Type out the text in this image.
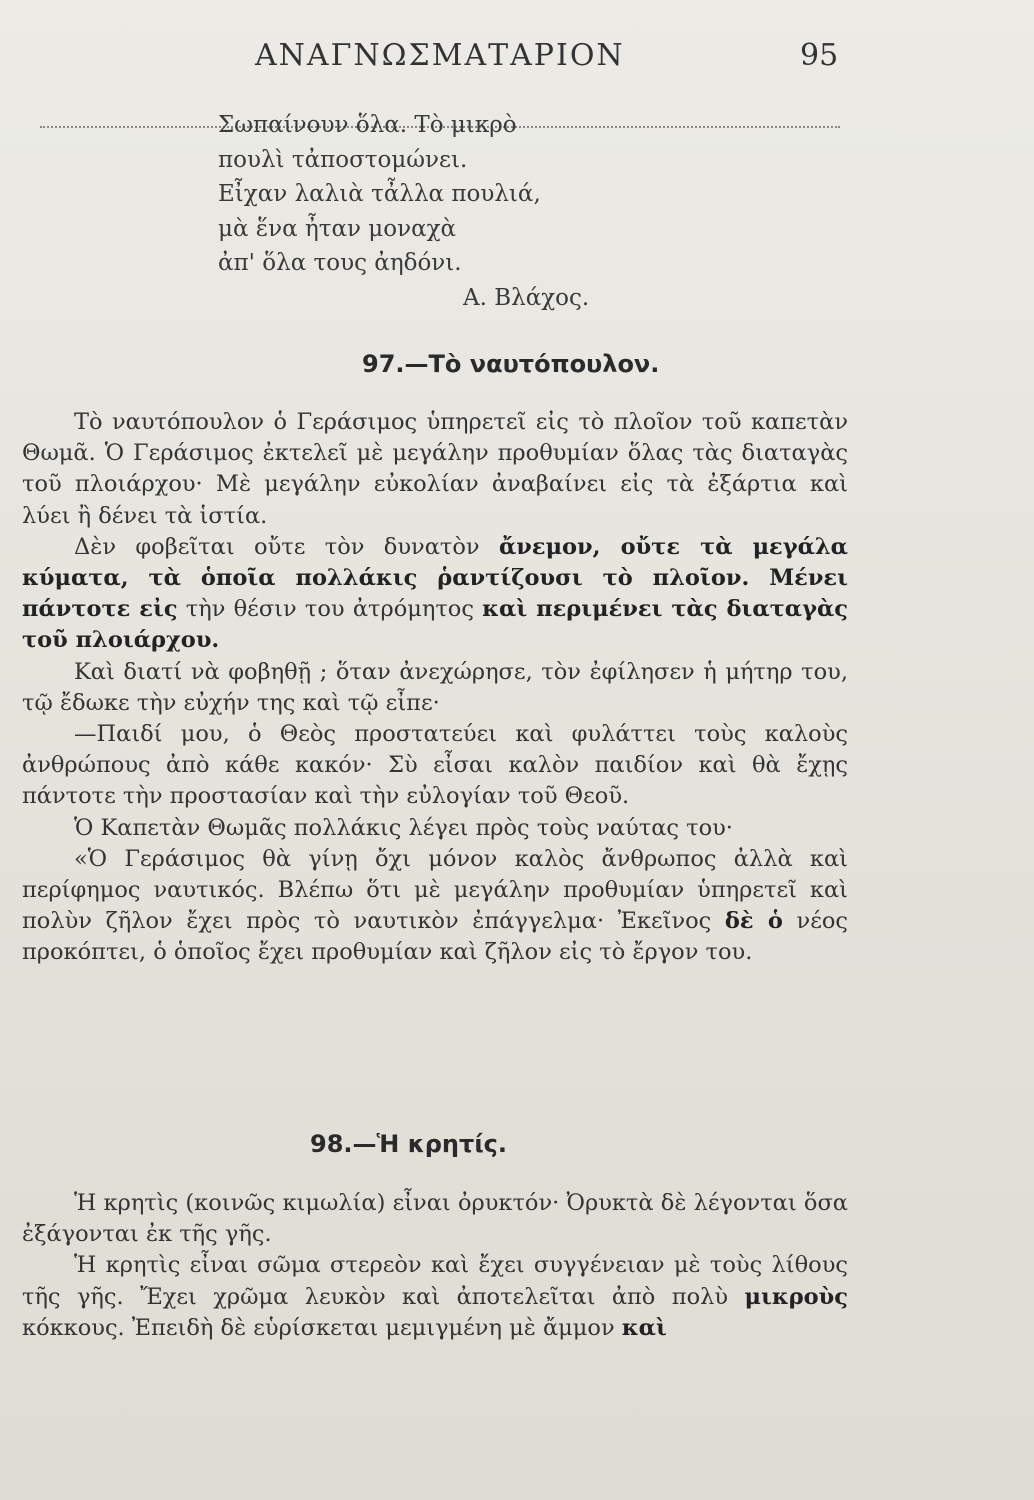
ΑΝΑΓΝΩΣΜΑΤΑΡΙΟΝ	95
Σωπαίνουν ὅλα. Τὸ μικρὸ
πουλὶ τἀποστομώνει.
Εἶχαν λαλιὰ τἆλλα πουλιά,
μὰ ἕνα ἦταν μοναχὰ
ἀπ' ὅλα τους ἀηδόνι.
Α. Βλάχος.
97.—Τὸ ναυτόπουλον.

Τὸ ναυτόπουλον ὁ Γεράσιμος ὑπηρετεῖ εἰς τὸ πλοῖον τοῦ καπετὰν Θωμᾶ. Ὁ Γεράσιμος ἐκτελεῖ μὲ μεγάλην προθυμίαν ὅλας τὰς διαταγὰς τοῦ πλοιάρχου· Μὲ μεγάλην εὐκολίαν ἀναβαίνει εἰς τὰ ἐξάρτια καὶ λύει ἢ δένει τὰ ἱστία.

Δὲν φοβεῖται οὔτε τὸν δυνατὸν ἄνεμον, οὔτε τὰ μεγάλα κύματα, τὰ ὁποῖα πολλάκις ῥαντίζουσι τὸ πλοῖον. Μένει πάντοτε εἰς τὴν θέσιν του ἀτρόμητος καὶ περιμένει τὰς διαταγὰς τοῦ πλοιάρχου.

Καὶ διατί νὰ φοβηθῇ ; ὅταν ἀνεχώρησε, τὸν ἐφίλησεν ἡ μήτηρ του, τῷ ἔδωκε τὴν εὐχήν της καὶ τῷ εἶπε·

—Παιδί μου, ὁ Θεὸς προστατεύει καὶ φυλάττει τοὺς καλοὺς ἀνθρώπους ἀπὸ κάθε κακόν· Σὺ εἶσαι καλὸν παιδίον καὶ θὰ ἔχῃς πάντοτε τὴν προστασίαν καὶ τὴν εὐλογίαν τοῦ Θεοῦ.

Ὁ Καπετὰν Θωμᾶς πολλάκις λέγει πρὸς τοὺς ναύτας του·

«Ὁ Γεράσιμος θὰ γίνῃ ὄχι μόνον καλὸς ἄνθρωπος ἀλλὰ καὶ περίφημος ναυτικός. Βλέπω ὅτι μὲ μεγάλην προθυμίαν ὑπηρετεῖ καὶ πολὺν ζῆλον ἔχει πρὸς τὸ ναυτικὸν ἐπάγγελμα· Ἐκεῖνος δὲ ὁ νέος προκόπτει, ὁ ὁποῖος ἔχει προθυμίαν καὶ ζῆλον εἰς τὸ ἔργον του.

98.—Ἡ κρητίς.

Ἡ κρητὶς (κοινῶς κιμωλία) εἶναι ὀρυκτόν· Ὀρυκτὰ δὲ λέγονται ὅσα ἐξάγονται ἐκ τῆς γῆς.

Ἡ κρητὶς εἶναι σῶμα στερεὸν καὶ ἔχει συγγένειαν μὲ τοὺς λίθους τῆς γῆς. Ἔχει χρῶμα λευκὸν καὶ ἀποτελεῖται ἀπὸ πολὺ μικροὺς κόκκους. Ἐπειδὴ δὲ εὑρίσκεται μεμιγμένη μὲ ἄμμον καὶ
